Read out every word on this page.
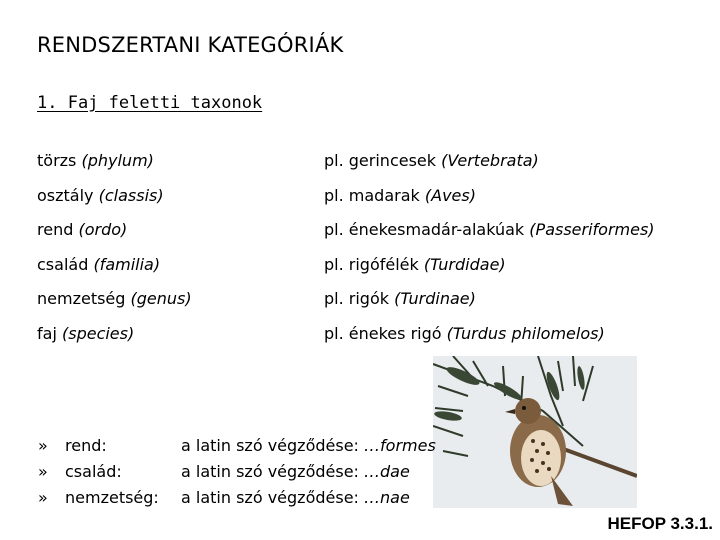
RENDSZERTANI KATEGÓRIÁK
1. Faj feletti taxonok
törzs (phylum)	pl. gerincesek (Vertebrata)
osztály (classis)	pl. madarak (Aves)
rend (ordo)	pl. énekesmadár-alakúak (Passeriformes)
család (familia)	pl. rigófélék (Turdidae)
nemzetség (genus)	pl. rigók (Turdinae)
faj (species)	pl. énekes rigó (Turdus philomelos)
» rend:	a latin szó végződése: …formes
» család:	a latin szó végződése: …dae
» nemzetség: a latin szó végződése: …nae
HEFOP 3.3.1.
